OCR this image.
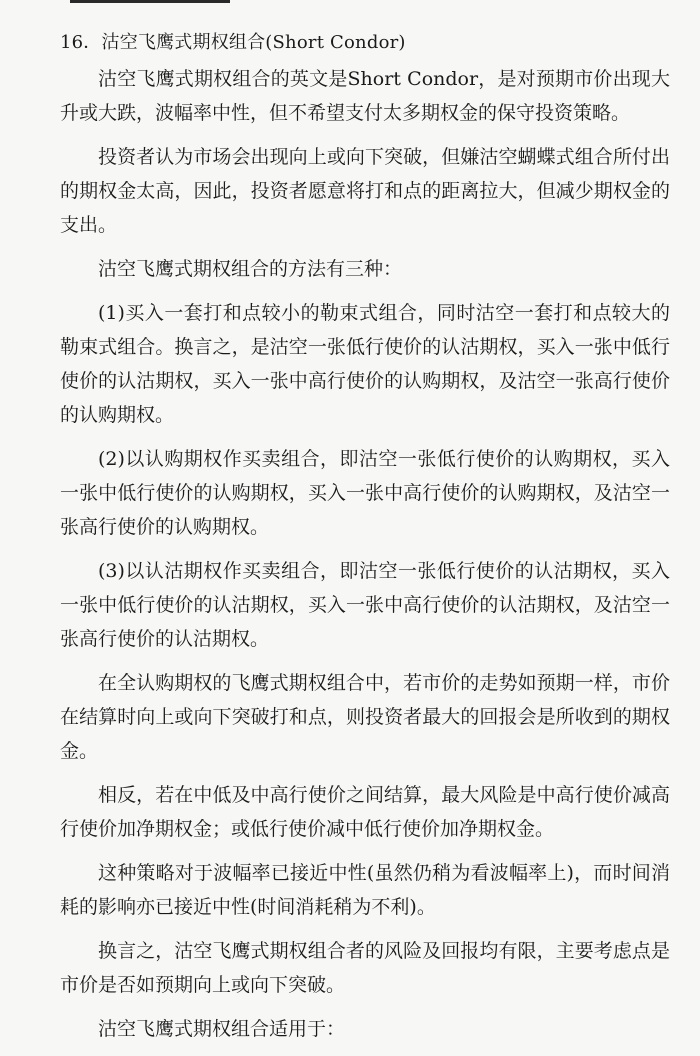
16．沽空飞鹰式期权组合(Short Condor)

沽空飞鹰式期权组合的英文是Short Condor，是对预期市价出现大升或大跌，波幅率中性，但不希望支付太多期权金的保守投资策略。

投资者认为市场会出现向上或向下突破，但嫌沽空蝴蝶式组合所付出的期权金太高，因此，投资者愿意将打和点的距离拉大，但减少期权金的支出。

沽空飞鹰式期权组合的方法有三种：

(1)买入一套打和点较小的勒束式组合，同时沽空一套打和点较大的勒束式组合。换言之，是沽空一张低行使价的认沽期权，买入一张中低行使价的认沽期权，买入一张中高行使价的认购期权，及沽空一张高行使价的认购期权。

(2)以认购期权作买卖组合，即沽空一张低行使价的认购期权，买入一张中低行使价的认购期权，买入一张中高行使价的认购期权，及沽空一张高行使价的认购期权。

(3)以认沽期权作买卖组合，即沽空一张低行使价的认沽期权，买入一张中低行使价的认沽期权，买入一张中高行使价的认沽期权，及沽空一张高行使价的认沽期权。

在全认购期权的飞鹰式期权组合中，若市价的走势如预期一样，市价在结算时向上或向下突破打和点，则投资者最大的回报会是所收到的期权金。

相反，若在中低及中高行使价之间结算，最大风险是中高行使价减高行使价加净期权金；或低行使价减中低行使价加净期权金。

这种策略对于波幅率已接近中性(虽然仍稍为看波幅率上)，而时间消耗的影响亦已接近中性(时间消耗稍为不利)。

换言之，沽空飞鹰式期权组合者的风险及回报均有限，主要考虑点是市价是否如预期向上或向下突破。

沽空飞鹰式期权组合适用于：
